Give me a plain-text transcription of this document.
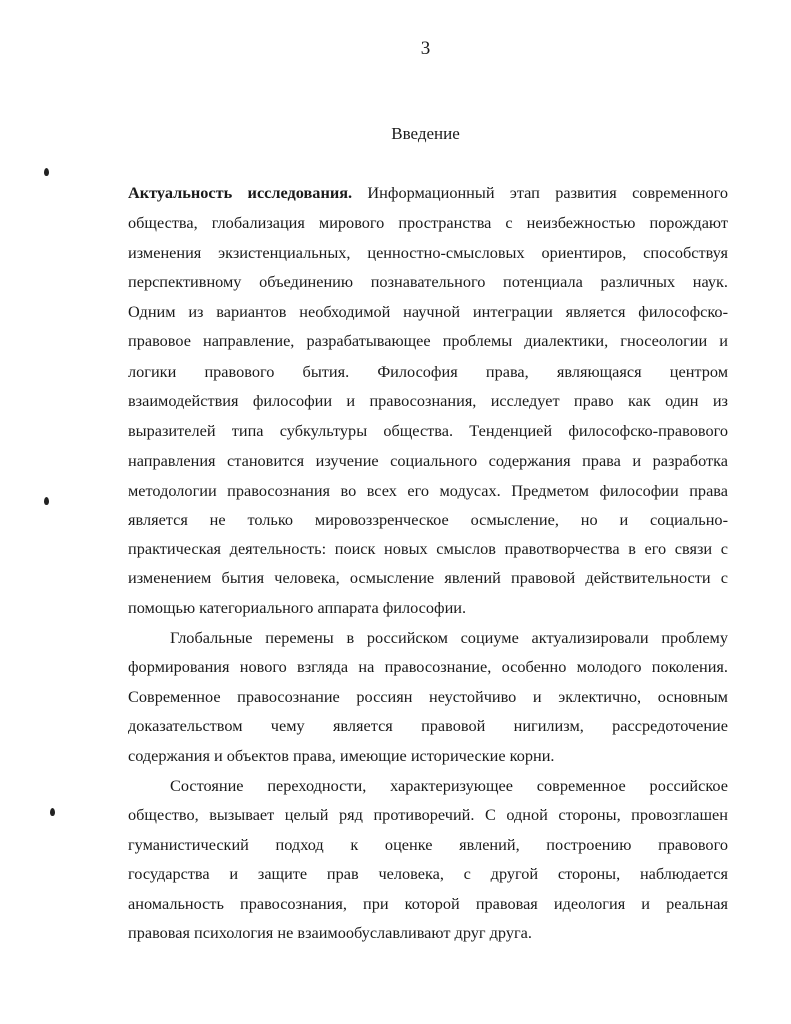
3
Введение
Актуальность исследования. Информационный этап развития современного
общества, глобализация мирового пространства с неизбежностью порождают
изменения экзистенциальных, ценностно-смысловых ориентиров, способствуя
перспективному объединению познавательного потенциала различных наук.
Одним из вариантов необходимой научной интеграции является философско-
правовое направление, разрабатывающее проблемы диалектики, гносеологии и
логики правового бытия. Философия права, являющаяся центром
взаимодействия философии и правосознания, исследует право как один из
выразителей типа субкультуры общества. Тенденцией философско-правового
направления становится изучение социального содержания права и разработка
методологии правосознания во всех его модусах. Предметом философии права
является не только мировоззренческое осмысление, но и социально-
практическая деятельность: поиск новых смыслов правотворчества в его связи с
изменением бытия человека, осмысление явлений правовой действительности с
помощью категориального аппарата философии.
Глобальные перемены в российском социуме актуализировали проблему
формирования нового взгляда на правосознание, особенно молодого поколения.
Современное правосознание россиян неустойчиво и эклектично, основным
доказательством чему является правовой нигилизм, рассредоточение
содержания и объектов права, имеющие исторические корни.
Состояние переходности, характеризующее современное российское
общество, вызывает целый ряд противоречий. С одной стороны, провозглашен
гуманистический подход к оценке явлений, построению правового
государства и защите прав человека, с другой стороны, наблюдается
аномальность правосознания, при которой правовая идеология и реальная
правовая психология не взаимообуславливают друг друга.
